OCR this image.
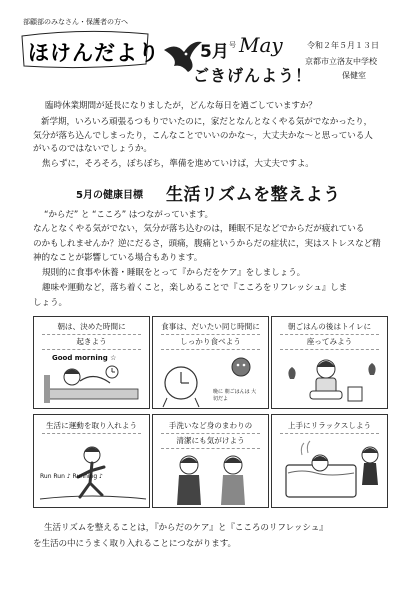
部顧部のみなさん・保護者の方へ
ほけんだより 5月 号 May
ごきげんよう！
令和２年５月１３日
京都市立洛友中学校
保健室
臨時休業期間が延長になりましたが，どんな毎日を過ごしていますか？
新学期，いろいろ頑張るつもりでいたのに，家だとなんとなくやる気がでなかったり，
気分が落ち込んでしまったり，こんなことでいいのかな～，大丈夫かな～と思っている人
がいるのではないでしょうか。
焦らずに，そろそろ，ぼちぼち，準備を進めていけば，大丈夫ですよ。
5月の健康目標 生活リズムを整えよう
“からだ” と “こころ” はつながっています。
なんとなくやる気がでない，気分が落ち込むのは，睡眠不足などでからだが疲れている
のかもしれませんか？逆にだるさ，頭痛，腹痛というからだの症状に，実はストレスなど精
神的なことが影響している場合もあります。
規則的に食事や休養・睡眠をとって『からだをケア』をしましょう。
趣味や運動など，落ち着くこと，楽しめることで『こころをリフレッシュ』しま
しょう。
朝は、決めた時間に
起きよう
Good morning ☆
食事は、だいたい同じ時間に
しっかり食べよう
晩に 朝ごはんは 大切だよ
朝ごはんの後はトイレに
座ってみよう
生活に運動を取り入れよう
Run Run ♪ Running ♪
手洗いなど身のまわりの
清潔にも気がけよう
上手にリラックスしよう
生活リズムを整えることは，『からだのケア』と『こころのリフレッシュ』
を生活の中にうまく取り入れることにつながります。
